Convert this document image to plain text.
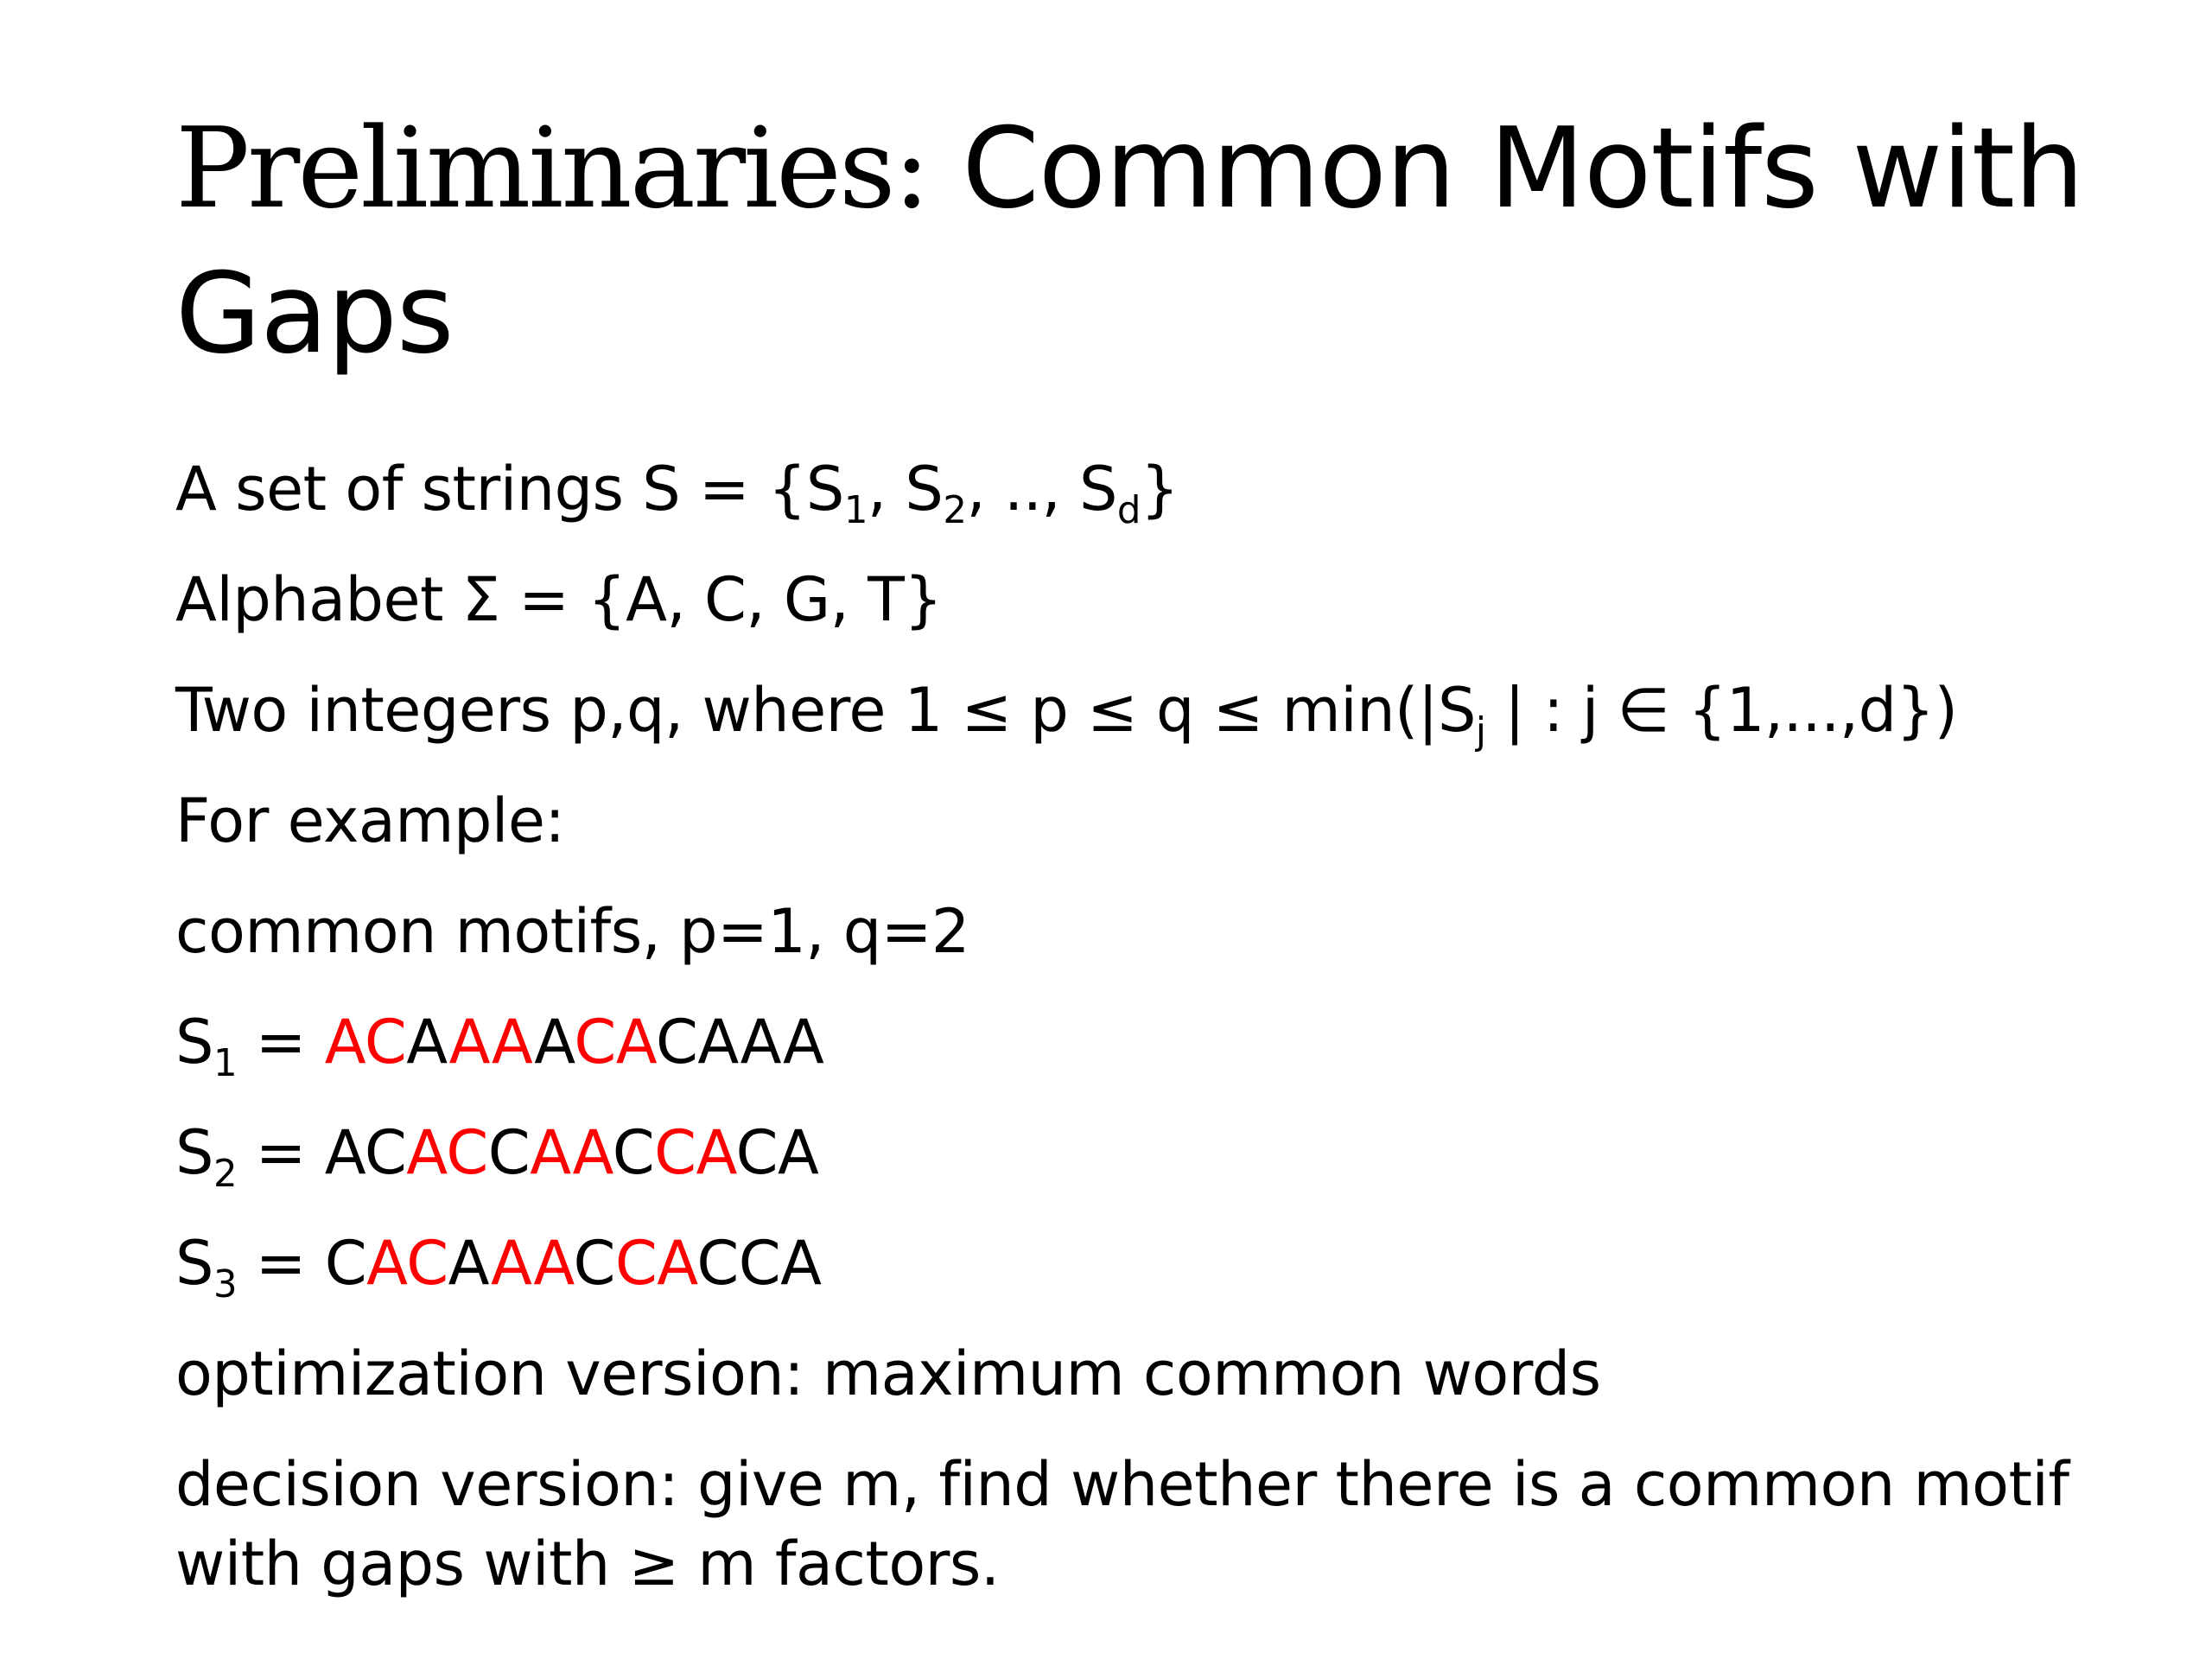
Preliminaries: Common Motifs with Gaps
A set of strings $S = \{S_1$, $S_2$, .., $S_d$}
Alphabet Σ = {A, C, G, T}
Two integers p,q, where $1 \le p \le q \le \min(|S_j$ | : j ∈ {1,...,d})
For example:
common motifs, p=1, q=2
$S_1$ = ACAAAACACAAA
$S_2$ = ACACCAACCACA
$S_3$ = CACAAACCACCA
optimization version: maximum common words
decision version: give m, find whether there is a common motif with gaps with ≥ m factors.
